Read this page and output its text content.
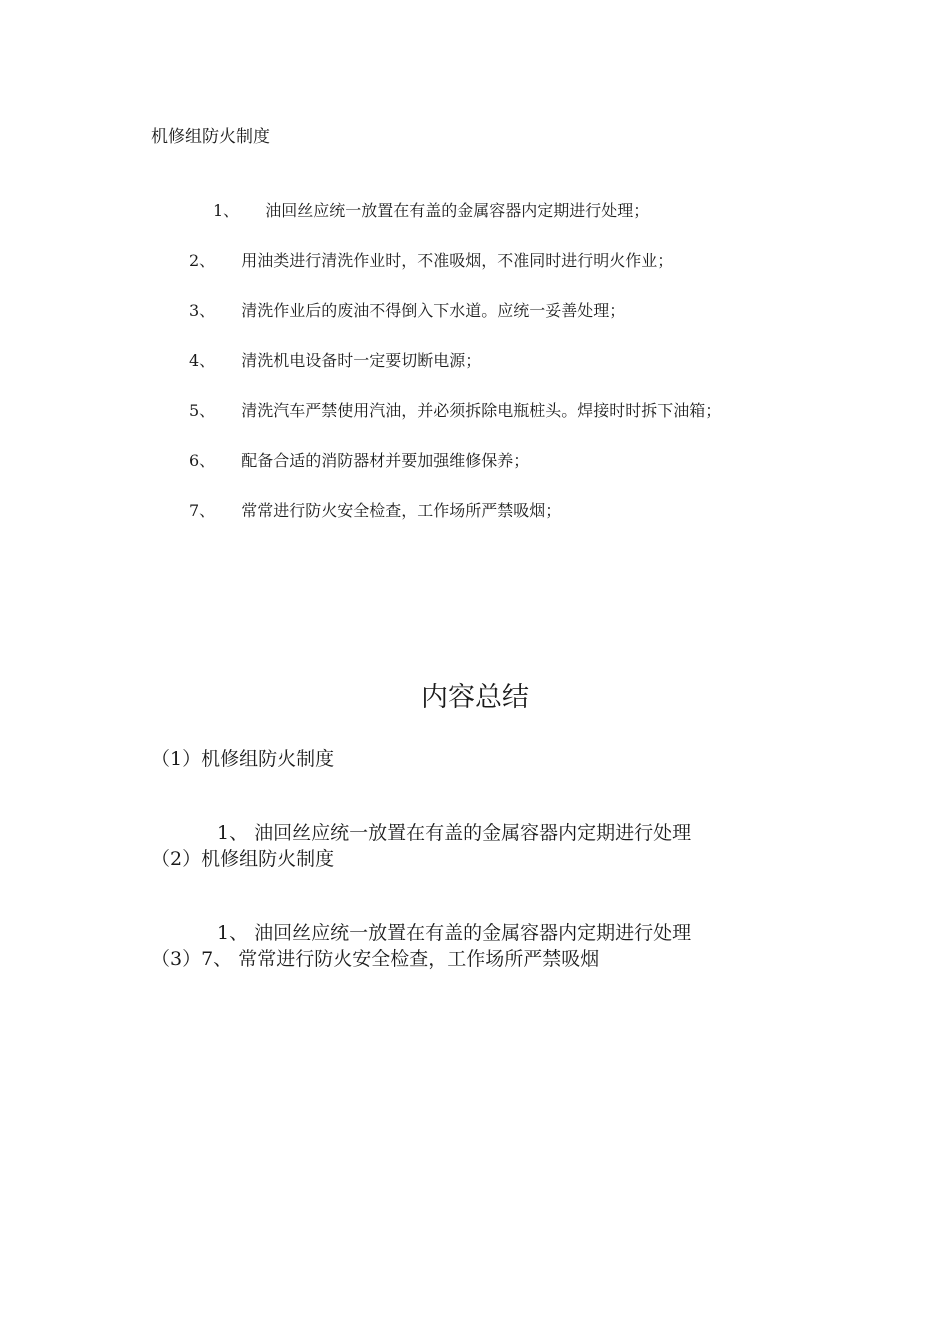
机修组防火制度
1、 油回丝应统一放置在有盖的金属容器内定期进行处理；
2、 用油类进行清洗作业时，不准吸烟，不准同时进行明火作业；
3、 清洗作业后的废油不得倒入下水道。应统一妥善处理；
4、 清洗机电设备时一定要切断电源；
5、 清洗汽车严禁使用汽油，并必须拆除电瓶桩头。焊接时时拆下油箱；
6、 配备合适的消防器材并要加强维修保养；
7、 常常进行防火安全检查，工作场所严禁吸烟；
内容总结
（1）机修组防火制度
1、 油回丝应统一放置在有盖的金属容器内定期进行处理
（2）机修组防火制度
1、 油回丝应统一放置在有盖的金属容器内定期进行处理
（3）7、 常常进行防火安全检查，工作场所严禁吸烟
